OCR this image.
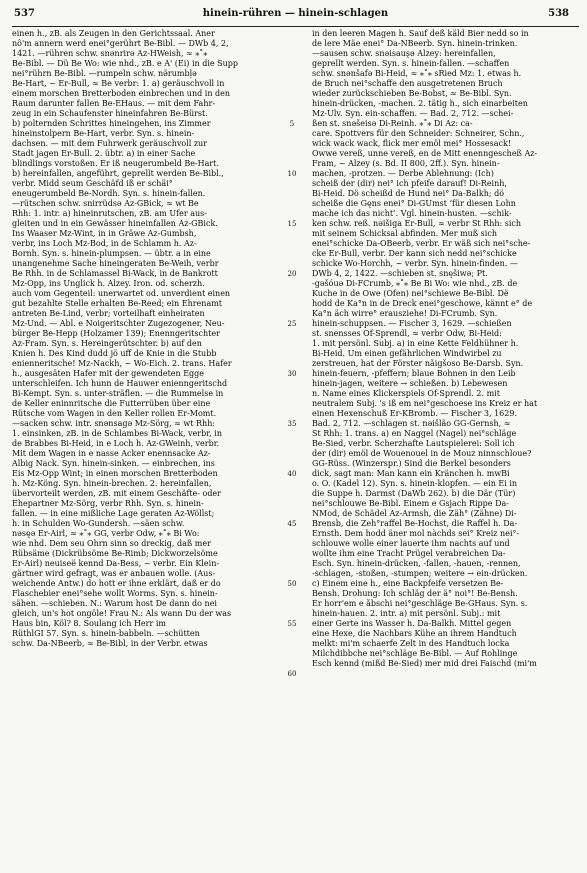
537	hinein-rühren — hinein-schlagen	538
einen h., zB. als Zeugen in den Gerichtssaal. Äner
nô'm annern werd enei°gerührt Be-Bibl. — DWb 4, 2,
1421. —rühren schw. snənrirə Az-HWeish, ≈ ⁎˚⁎
Be-Bibl. — Dü Be Wo: wie nhd., zB. e Â' (Ei) in die Supp
nei°rührn Be-Bibl. —rumpeln schw. nə̃rumbḷə
Be-Hart, ~ Er-Bull, ≈ Be verbr: 1. a) geräuschvoll in
einem morschen Bretterboden einbrechen und in den
Raum darunter fallen Be-EHaus. — mit dem Fahr-
zeug in ein Schaufenster hineinfahren Be-Bürst.
b) polternden Schrittes hineingehen, ins Zimmer
hineinstolpern Be-Hart, verbr. Syn. s. hinein-
dachsen. — mit dem Fuhrwerk geräuschvoll zur
Stadt jagen Er-Bull. 2. übtr. a) in einer Sache
blindlings vorstoßen. Er iß neugerumbeld Be-Hart.
b) hereinfallen, angeführt, geprellt werden Be-Bibl.,
verbr. Midd seum Geschäfd iß er schäi°
eneugerumbeld Be-Nordh. Syn. s. hinein-fallen.
—rütschen schw. snirrüdsə Az-GBick, ≈ wt Be
Rhh: 1. intr. a) hineinrutschen, zB. am Ufer aus-
gleiten und in ein Gewässer hineinfallen Az-GBick.
Ins Waaser Mz-Wint, in in Gräwe Az-Gumbsh,
verbr, ins Loch Mz-Bod, in de Schlamm h. Az-
Bornh. Syn. s. hinein-plumpsen. — übtr. a in eine
unangenehme Sache hineingeraten Be-Weih, verbr
Be Rhh. in de Schlamassel Bi-Wack, in de Bankrott
Mz-Opp, ins Unglick h. Alzey. Iron. od. scherzh.
auch vom Gegenteil: unerwartet od. unverdient einen
gut bezahlte Stelle erhalten Be-Reed; ein Ehrenamt
antreten Be-Lind, verbr; vorteilhaft einheiraten
Mz-Und. — Abl. e Noigeritschter Zugezogener, Neu-
bürger Be-Hepp (Holzamer 139); Enenngeritschter
Az-Fram. Syn. s. Hereingerütschter. b) auf den
Knien h. Des Kind dudd jö uff de Knie in die Stubb
enienneritsche! Mz-Nackh, ~ Wo-Eich. 2. trans. Hafer
h., ausgesäten Hafer mit der gewendeten Egge
unterschleifen. Ich hunn de Hauwer enienngeritschd
Bi-Kempt. Syn. s. unter-sträflen. — die Rummelse in
de Keller eninnritsche die Futterrüben über eine
Rütsche vom Wagen in den Keller rollen Er-Momt.
—sacken schw. intr. snənsagə Mz-Sörg, ≈ wt Rhh:
1. einsinken, zB. in de Schlambes Bi-Wack, verbr, in
de Brabbes Bi-Heid, in e Loch h. Az-GWeinh, verbr.
Mit dem Wagen in e nasse Acker enennsacke Az-
Albig Nack. Syn. hinein-sinken. — einbrechen, ins
Eis Mz-Opp Wint; in einen morschen Bretterboden
h. Mz-Köng. Syn. hinein-brechen. 2. hereinfallen,
übervorteilt werden, zB. mit einem Geschäfte- oder
Ehepartner Mz-Sörg, verbr Rhh. Syn. s. hinein-
fallen. — in eine mißliche Lage geraten Az-Wöllst;
h. in Schulden Wo-Gundersh. —säen schw.
nəsęə Er-Airl, ≈ ⁎˚⁎ GG, verbr Odw, ⁎˚⁎ Bi Wo:
wie nhd. Dem seu Öhrn sinn so dreckig, daß mer
Rübsäme (Dickrübsöme Be-Rimb; Dickworzelsöme
Er-Airl) neuiseë kennd Da-Bess, ~ verbr. Ein Klein-
gärtner wird gefragt, was er anbauen wolle. (Aus-
weichende Antw.) do hott er ihne erklärt, daß er do
Flaschebier enei°sehe wollt Worms. Syn. s. hinein-
sähen. —schieben. N.: Warum host De dann do nei
gleich, un's hot ongöle! Frau N.: Als wann Du der was
Haus bin, Köl? 8. Soulang ich Herr im
RüthlGI 57. Syn. s. hinein-babbeln. —schütten
schw. Da-NBeerb, ≈ Be-Bibl, in der Verbr. etwas
5
10
15
20
25
30
35
40
45
50
55
60
in den leeren Magen h. Sauf deß käld Bier nedd so in
de lere Mäe enei° Da-NBeerb. Syn. hinein-trinken.
—sausen schw. snəisaus̨ə Alzey: hereinfallen,
geprellt werden. Syn. s. hinein-fallen. —schaffen
schw. snənšafə Bi-Heid, ≈ ⁎˚⁎ sRied Mz: 1. etwas h.
de Bruch nei°schaffe den ausgetretenen Bruch
wieder zurückschieben Be-Bobst, ≈ Be-Bibl. Syn.
hinein-drücken, -machen. 2. tätig h., sich einarbeiten
Mz-Ulv. Syn. ein-schaffen. — Bad. 2, 712. —schei-
ßen st. snəšeisə Di-Reinh. ⁎˚⁎ Di Az: ca-
care. Spottvers für den Schneider: Schneirer, Schn.,
wick wack wack, flick mer emöl mei° Hossesack!
Owwe vereß, unne vereß, en de Mitt enenngescheß Az-
Fram, ~ Alzey (s. Bd. II 800, 2ff.). Syn. hinein-
machen, -protzen. — Derbe Ablehnung: (Ich)
scheiß der (dir) nei° ich pfeife darauf! Di-Reinh,
Bi-Heid. Dö scheißd de Hund nei° Da-Balkh; dö
scheiße die Gęns enei° Di-GUmst ‘für diesen Lohn
mache ich das nicht’. Vgl. hinein-husten. —schik-
ken schw. reß. nəišiga Er-Bull, ≈ verbr St Rhh: sich
mit seinem Schicksal abfinden. Mer muß sich
enei°schicke Da-OBeerb, verbr. Er wäß sich nei°sche-
cke Er-Bull, verbr. Der kann sich nedd nei°schicke
schicke Wo-Horchh, ~ verbr. Syn. hinein-finden. —
DWb 4, 2, 1422. —schieben st. snęšiwə; Pt.
-gəšóuə Di-FCrumb, ⁎˚⁎ Be Bi Wo: wie nhd., zB. de
Kuche in de Öwe (Ofen) nei°schiewe Be-Bibl. Dë
hodd de Ka°n in de Dreck enei°geschowe, kännt e° de
Ka°n äch wirre° erausziehe! Di-FCrumb. Syn.
hinein-schuppsen. — Fischer 3, 1629. —schießen
st. snensses Of-Sprendl, ≈ verbr Odw, Bi-Heid:
1. mit persönl. Subj. a) in eine Kette Feldhühner h.
Bi-Heid. Um einen gefährlichen Windwirbel zu
zerstreuen, hat der Förster nǎigšoso Be-Darsb. Syn.
hinein-feuern, -pfeffern; blaue Bohnen in den Leib
hinein-jagen, weitere → schießen. b) Lebewesen
n. Name eines Klickerspiels Of-Sprendl. 2. mit
neutralem Subj. 's iß em nei°geschoese ins Kreiz er hat
einen Hexenschuß Er-KBromb. — Fischer 3, 1629.
Bad. 2, 712. —schlagen st. nəišlão GG-Gernsh, ≈
St Rhh: 1. trans. a) en Naggel (Nagel) nei°schläge
Be-Sied, verbr. Scherzhafte Lautspielerei: Soll ich
der (dir) emöl de Wouenouel in de Mouz ninnschloue?
GG-Rüss. (Winzerspr.) Sind die Berkel besonders
dick, sagt man: Man kann ein Kränchen h. mwBi
o. O. (Kadel 12). Syn. s. hinein-klopfen. — ein Ei in
die Suppe h. Darmst (DaWb 262). b) die Där (Tür)
nei°schlouwe Be-Bibl. Einem e Gsjach Rippe Da-
NMod, de Schädel Az-Armsh, die Zäh° (Zähne) Di-
Brensb, die Zeh°raffel Be-Hochst, die Raffel h. Da-
Ernsth. Dem hodd äner mol nàchds sei° Kreiz nei°-
schlouwe wolle einer lauerte ihm nachts auf und
wollte ihm eine Tracht Prügel verabreichen Da-
Esch. Syn. hinein-drücken, -fallen, -hauen, -rennen,
-schlagen, -stoßen, -stumpen; weitere → ein-drücken.
c) Einem eine h., eine Backpfeife versetzen Be-
Bensh. Drohung: Ich schläg der ä° noi°! Be-Bensh.
Er horr'em e åbschi nei°geschläge Be-GHaus. Syn. s.
hinein-hauen. 2. intr. a) mit persönl. Subj.: mit
einer Gerte ins Wasser h. Da-Balkh. Mittel gegen
eine Hexe, die Nachbars Kühe an ihrem Handtuch
melkt: mi'm schaerfe Zelt in des Handtuch locka
Milchdibbche nei°schläge Be-Bibl. — Auf Rohlinge
Esch kennd (mißd Be-Sied) mer mid drei Faischd (mi'm
